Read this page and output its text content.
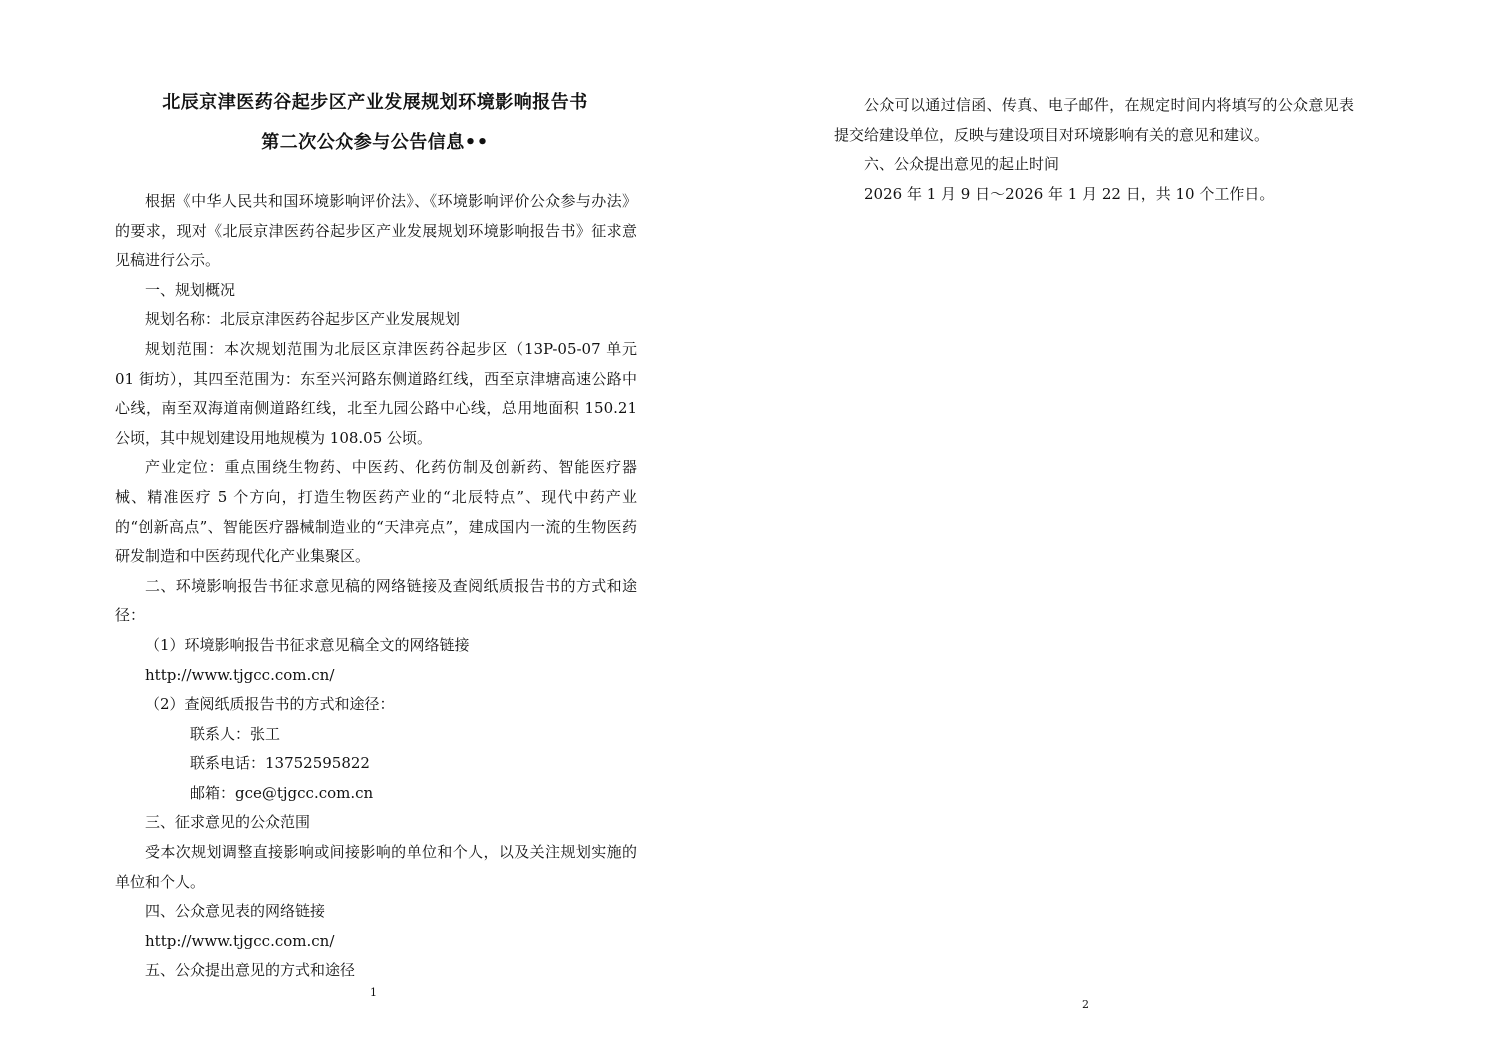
北辰京津医药谷起步区产业发展规划环境影响报告书
第二次公众参与公告信息••

根据《中华人民共和国环境影响评价法》、《环境影响评价公众参与办法》的要求，现对《北辰京津医药谷起步区产业发展规划环境影响报告书》征求意见稿进行公示。

一、规划概况

规划名称：北辰京津医药谷起步区产业发展规划

规划范围：本次规划范围为北辰区京津医药谷起步区（13P-05-07 单元 01 街坊），其四至范围为：东至兴河路东侧道路红线，西至京津塘高速公路中心线，南至双海道南侧道路红线，北至九园公路中心线，总用地面积 150.21 公顷，其中规划建设用地规模为 108.05 公顷。

产业定位：重点围绕生物药、中医药、化药仿制及创新药、智能医疗器械、精准医疗 5 个方向，打造生物医药产业的“北辰特点”、现代中药产业的“创新高点”、智能医疗器械制造业的“天津亮点”，建成国内一流的生物医药研发制造和中医药现代化产业集聚区。

二、环境影响报告书征求意见稿的网络链接及查阅纸质报告书的方式和途径：

（1）环境影响报告书征求意见稿全文的网络链接

http://www.tjgcc.com.cn/

（2）查阅纸质报告书的方式和途径：

联系人：张工

联系电话：13752595822

邮箱：gce@tjgcc.com.cn

三、征求意见的公众范围

受本次规划调整直接影响或间接影响的单位和个人，以及关注规划实施的单位和个人。

四、公众意见表的网络链接

http://www.tjgcc.com.cn/

五、公众提出意见的方式和途径

1

公众可以通过信函、传真、电子邮件，在规定时间内将填写的公众意见表提交给建设单位，反映与建设项目对环境影响有关的意见和建议。

六、公众提出意见的起止时间

2026 年 1 月 9 日～2026 年 1 月 22 日，共 10 个工作日。

2
